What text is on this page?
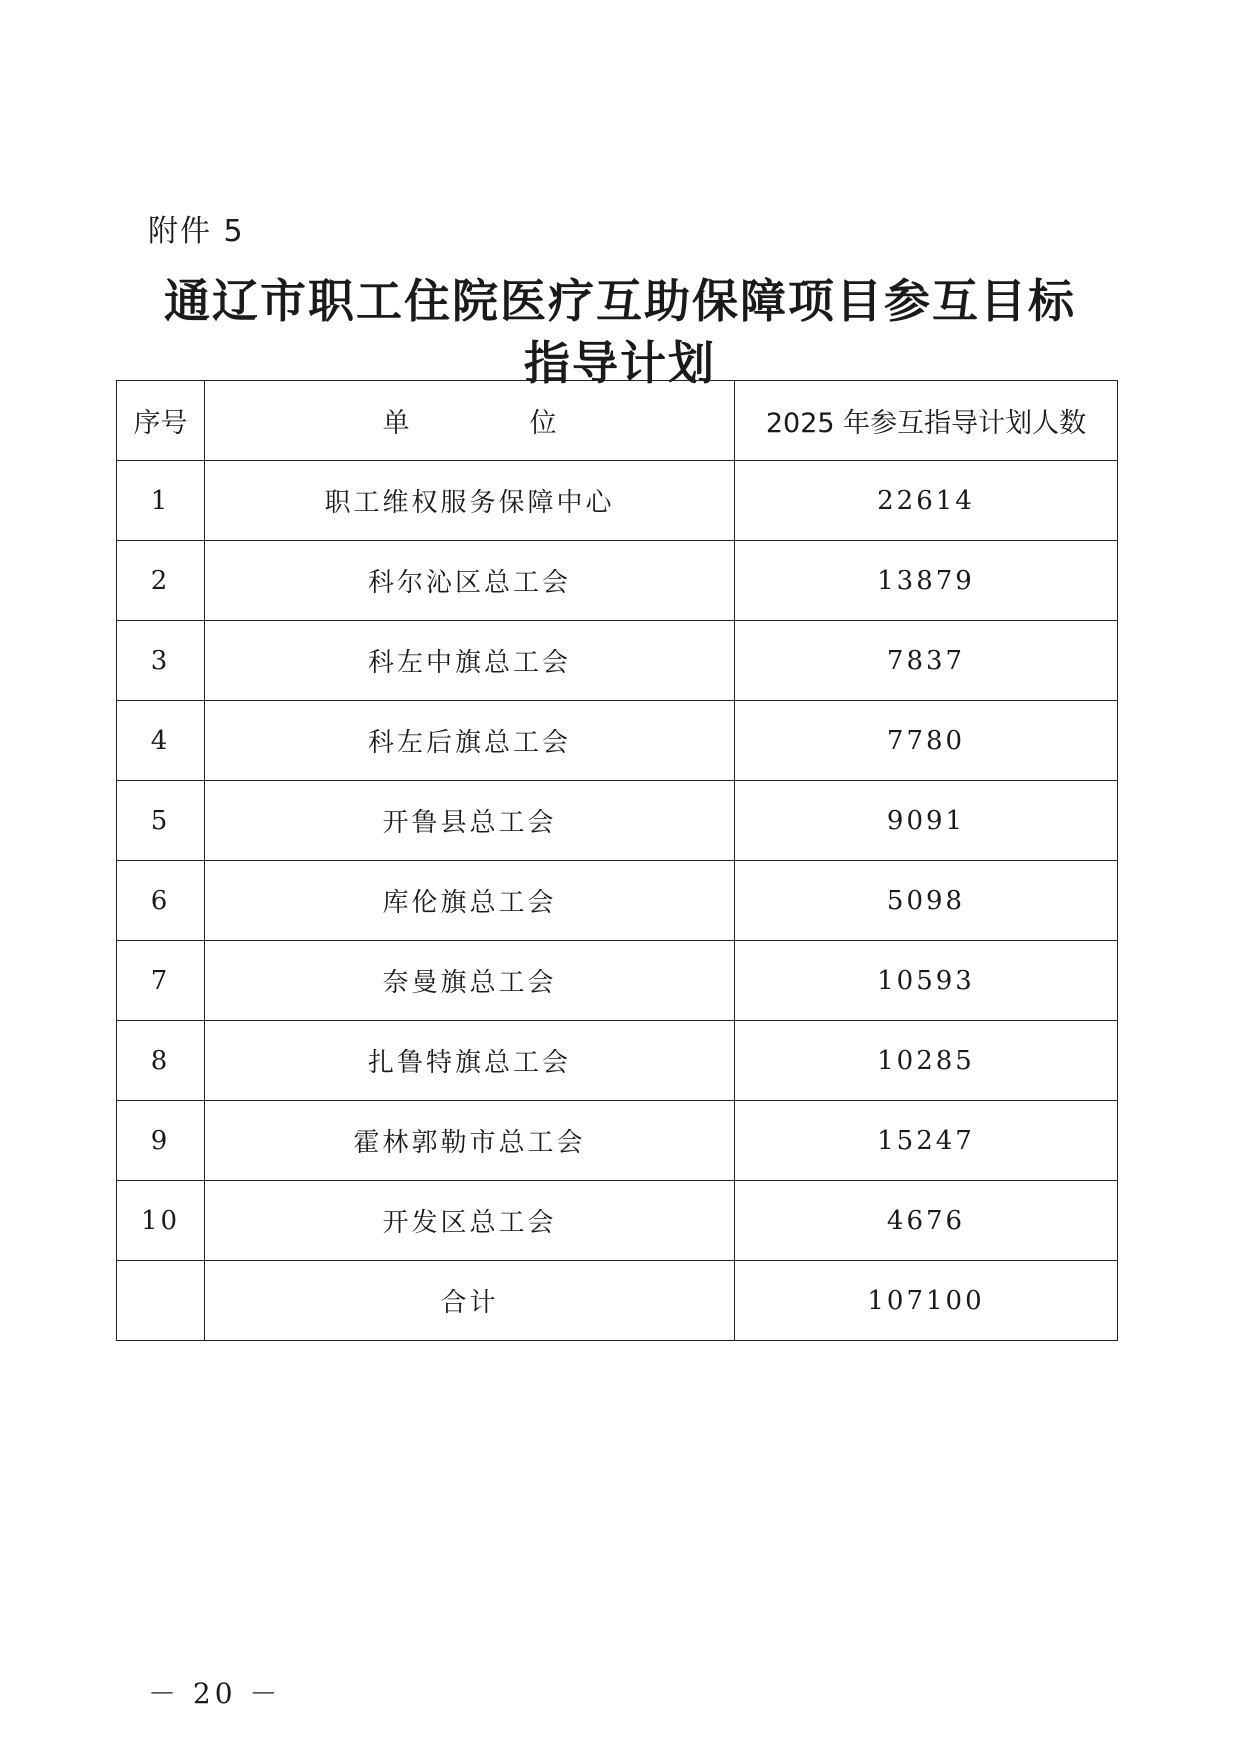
附件 5
通辽市职工住院医疗互助保障项目参互目标
指导计划
序号	单 位	2025 年参互指导计划人数
1	职工维权服务保障中心	22614
2	科尔沁区总工会	13879
3	科左中旗总工会	7837
4	科左后旗总工会	7780
5	开鲁县总工会	9091
6	库伦旗总工会	5098
7	奈曼旗总工会	10593
8	扎鲁特旗总工会	10285
9	霍林郭勒市总工会	15247
10	开发区总工会	4676
	合计	107100
－ 20 －
